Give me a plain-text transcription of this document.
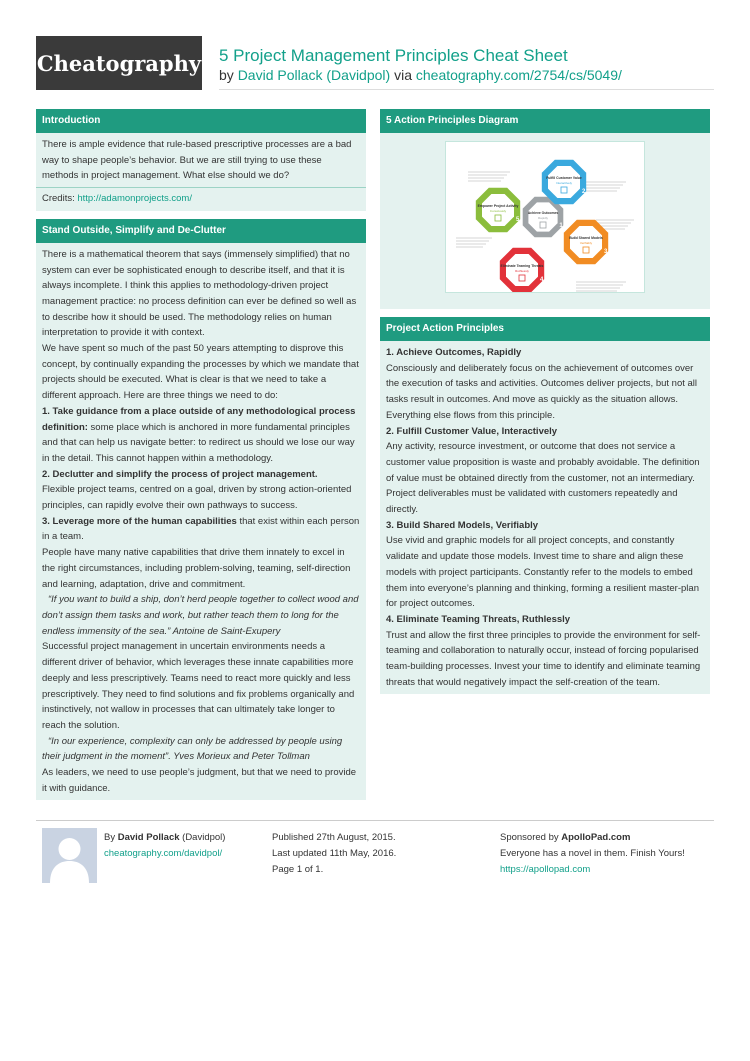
Cheatography 5 Project Management Principles Cheat Sheet
by David Pollack (Davidpol) via cheatography.com/2754/cs/5049/
Introduction

There is ample evidence that rule-based prescriptive processes are a bad way to shape people’s behavior. But we are still trying to use these methods in project management. What else should we do?

Credits: http://adamonprojects.com/

Stand Outside, Simplify and De-Clutter

There is a mathematical theorem that says (immensely simplified) that no system can ever be sophisticated enough to describe itself, and that it is always incomplete. I think this applies to methodology-driven project management practice: no process definition can ever be defined so well as to describe how it should be used. The methodology relies on human interpretation to provide it with context.

We have spent so much of the past 50 years attempting to disprove this concept, by continually expanding the processes by which we mandate that projects should be executed. What is clear is that we need to take a different approach. Here are three things we need to do:

1. Take guidance from a place outside of any methodological process definition: some place which is anchored in more fundamental principles and that can help us navigate better: to redirect us should we lose our way in the detail. This cannot happen within a methodology.

2. Declutter and simplify the process of project management.

Flexible project teams, centred on a goal, driven by strong action-oriented principles, can rapidly evolve their own pathways to success.

3. Leverage more of the human capabilities that exist within each person in a team.

People have many native capabilities that drive them innately to excel in the right circumstances, including problem-solving, teaming, self-direction and learning, adaptation, drive and commitment.

“If you want to build a ship, don’t herd people together to collect wood and don’t assign them tasks and work, but rather teach them to long for the endless immensity of the sea.” Antoine de Saint-Exupery

Successful project management in uncertain environments needs a different driver of behavior, which leverages these innate capabilities more deeply and less prescriptively. Teams need to react more quickly and less prescriptively. They need to find solutions and fix problems organically and instinctively, not wallow in processes that can ultimately take longer to reach the solution.

“In our experience, complexity can only be addressed by people using their judgment in the moment”. Yves Morieux and Peter Tollman

As leaders, we need to use people’s judgment, but that we need to provide it with guidance.

5 Action Principles Diagram
Achieve Outcomes
Rapidly
1
Fulfill Customer Value
Interactively
2
Build Shared Models
Verifiably
3
Eliminate Teaming Threats
Ruthlessly
4
Empower Project Activity
Consciously
5
Project Action Principles

1. Achieve Outcomes, Rapidly

Consciously and deliberately focus on the achievement of outcomes over the execution of tasks and activities. Outcomes deliver projects, but not all tasks result in outcomes. And move as quickly as the situation allows. Everything else flows from this principle.

2. Fulfill Customer Value, Interactively

Any activity, resource investment, or outcome that does not service a customer value proposition is waste and probably avoidable. The definition of value must be obtained directly from the customer, not an intermediary. Project deliverables must be validated with customers repeatedly and directly.

3. Build Shared Models, Verifiably

Use vivid and graphic models for all project concepts, and constantly validate and update those models. Invest time to share and align these models with project participants. Constantly refer to the models to embed them into everyone’s planning and thinking, forming a resilient master-plan for project outcomes.

4. Eliminate Teaming Threats, Ruthlessly

Trust and allow the first three principles to provide the environment for self-teaming and collaboration to naturally occur, instead of forcing popularised team-building processes. Invest your time to identify and eliminate teaming threats that would negatively impact the self-creation of the team.

By David Pollack (Davidpol)
cheatography.com/davidpol/
Published 27th August, 2015.
Last updated 11th May, 2016.
Page 1 of 1.
Sponsored by ApolloPad.com
Everyone has a novel in them. Finish Yours!
https://apollopad.com
